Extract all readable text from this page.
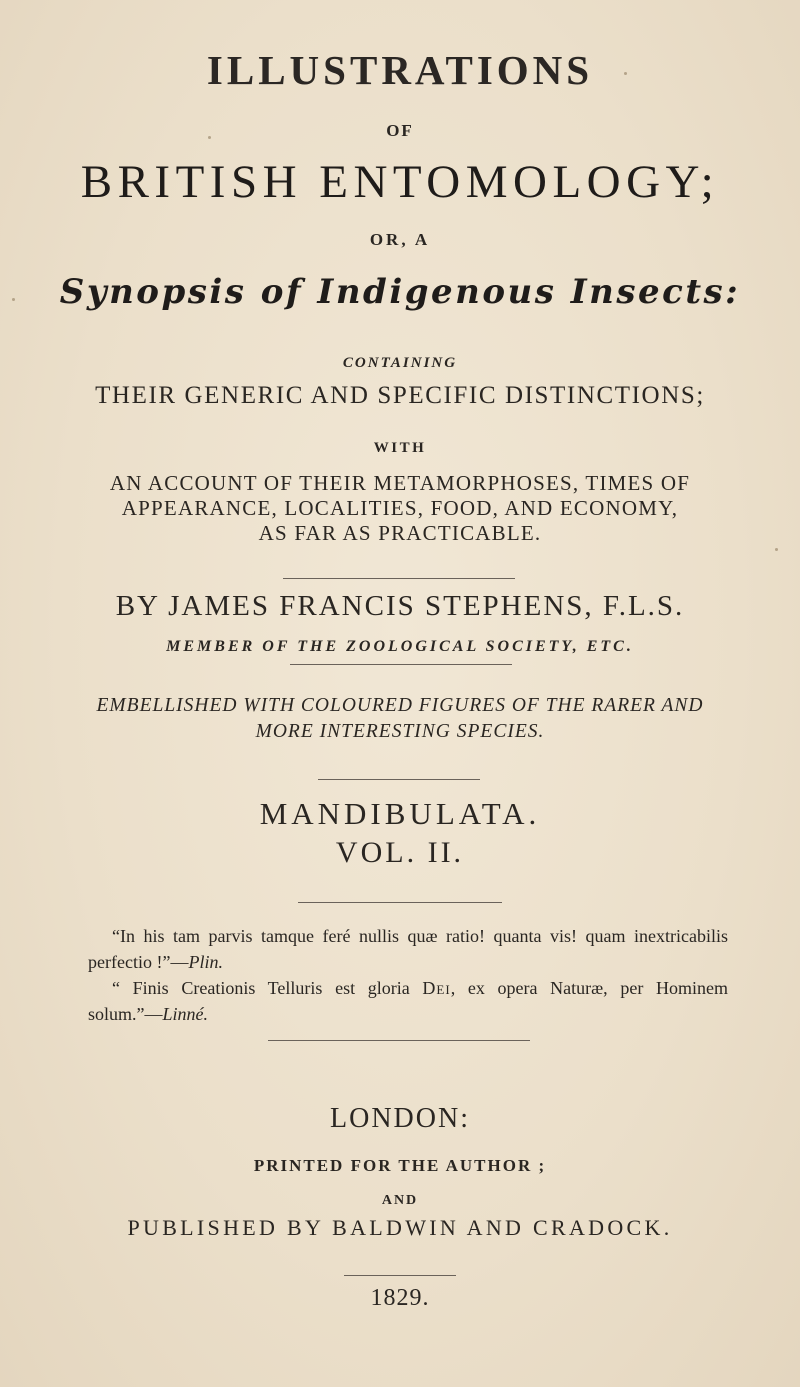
ILLUSTRATIONS

OF

BRITISH ENTOMOLOGY;

OR, A

Synopsis of Indigenous Insects:

CONTAINING

THEIR GENERIC AND SPECIFIC DISTINCTIONS;

WITH

AN ACCOUNT OF THEIR METAMORPHOSES, TIMES OF

APPEARANCE, LOCALITIES, FOOD, AND ECONOMY,

AS FAR AS PRACTICABLE.

BY JAMES FRANCIS STEPHENS, F.L.S.

MEMBER OF THE ZOOLOGICAL SOCIETY, ETC.

EMBELLISHED WITH COLOURED FIGURES OF THE RARER AND

MORE INTERESTING SPECIES.

MANDIBULATA.

VOL. II.

“In his tam parvis tamque feré nullis quæ ratio! quanta vis! quam inextricabilis
perfectio !”—Plin.
“ Finis Creationis Telluris est gloria Dei, ex opera Naturæ, per Hominem
solum.”—Linné.

LONDON:

PRINTED FOR THE AUTHOR ;

AND

PUBLISHED BY BALDWIN AND CRADOCK.

1829.
